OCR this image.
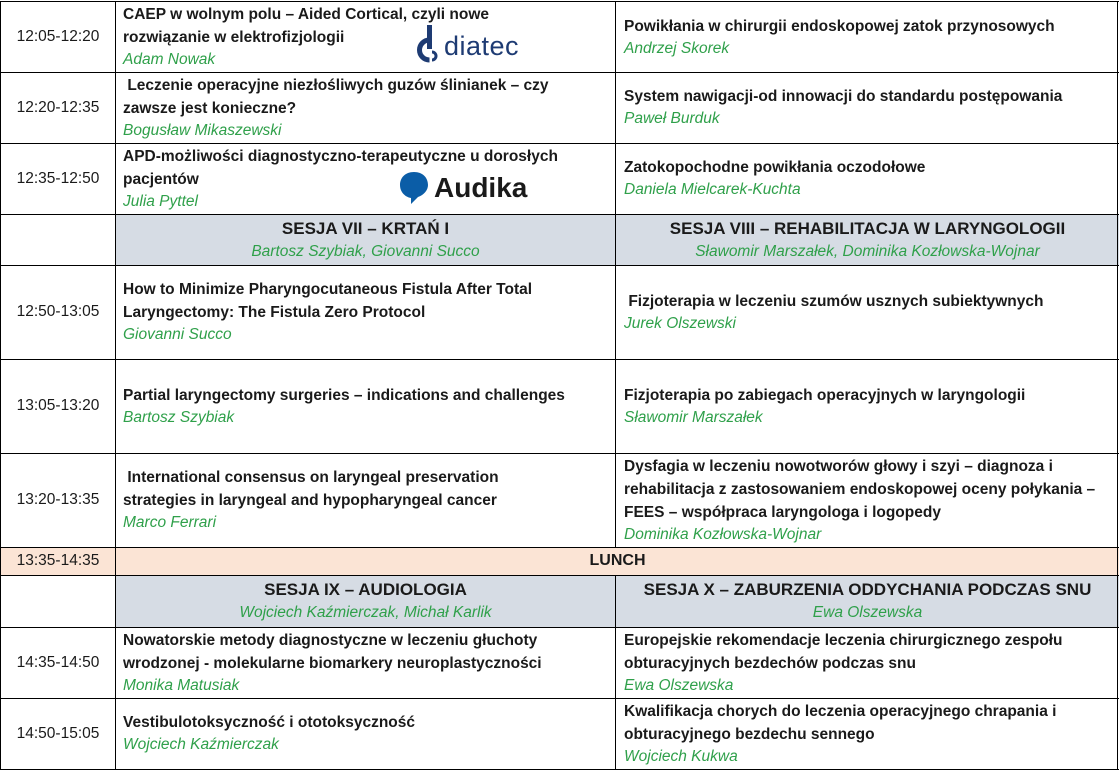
12:05-12:20
CAEP w wolnym polu – Aided Cortical, czyli nowe rozwiązanie w elektrofizjologii
Adam Nowak
Powikłania w chirurgii endoskopowej zatok przynosowych
Andrzej Skorek
12:20-12:35
Leczenie operacyjne niezłośliwych guzów ślinianek – czy zawsze jest konieczne?
Bogusław Mikaszewski
System nawigacji-od innowacji do standardu postępowania
Paweł Burduk
12:35-12:50
APD-możliwości diagnostyczno-terapeutyczne u dorosłych pacjentów
Julia Pyttel
Zatokopochodne powikłania oczodołowe
Daniela Mielcarek-Kuchta
SESJA VII – KRTAŃ I
Bartosz Szybiak, Giovanni Succo
SESJA VIII – REHABILITACJA W LARYNGOLOGII
Sławomir Marszałek, Dominika Kozłowska-Wojnar
12:50-13:05
How to Minimize Pharyngocutaneous Fistula After Total Laryngectomy: The Fistula Zero Protocol
Giovanni Succo
Fizjoterapia w leczeniu szumów usznych subiektywnych
Jurek Olszewski
13:05-13:20
Partial laryngectomy surgeries – indications and challenges
Bartosz Szybiak
Fizjoterapia po zabiegach operacyjnych w laryngologii
Sławomir Marszałek
13:20-13:35
International consensus on laryngeal preservation strategies in laryngeal and hypopharyngeal cancer
Marco Ferrari
Dysfagia w leczeniu nowotworów głowy i szyi – diagnoza i rehabilitacja z zastosowaniem endoskopowej oceny połykania – FEES – współpraca laryngologa i logopedy
Dominika Kozłowska-Wojnar
13:35-14:35	LUNCH
SESJA IX – AUDIOLOGIA
Wojciech Kaźmierczak, Michał Karlik
SESJA X – ZABURZENIA ODDYCHANIA PODCZAS SNU
Ewa Olszewska
14:35-14:50
Nowatorskie metody diagnostyczne w leczeniu głuchoty wrodzonej - molekularne biomarkery neuroplastyczności
Monika Matusiak
Europejskie rekomendacje leczenia chirurgicznego zespołu obturacyjnych bezdechów podczas snu
Ewa Olszewska
14:50-15:05
Vestibulotoksyczność i ototoksyczność
Wojciech Kaźmierczak
Kwalifikacja chorych do leczenia operacyjnego chrapania i obturacyjnego bezdechu sennego
Wojciech Kukwa
diatec
Audika
